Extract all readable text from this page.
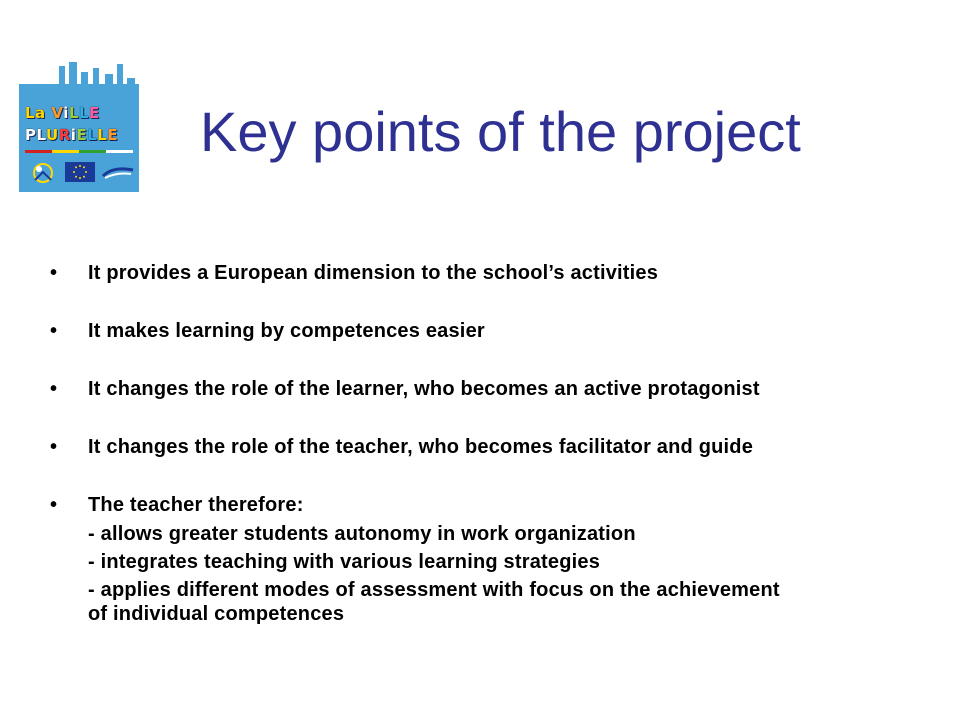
La ViLLE
PLURiELLE Key points of the project
• It provides a European dimension to the school’s activities
• It makes learning by competences easier
• It changes the role of the learner, who becomes an active protagonist
• It changes the role of the teacher, who becomes facilitator and guide
• The teacher therefore:
- allows greater students autonomy in work organization
- integrates teaching with various learning strategies
- applies different modes of assessment with focus on the achievement
of individual competences
